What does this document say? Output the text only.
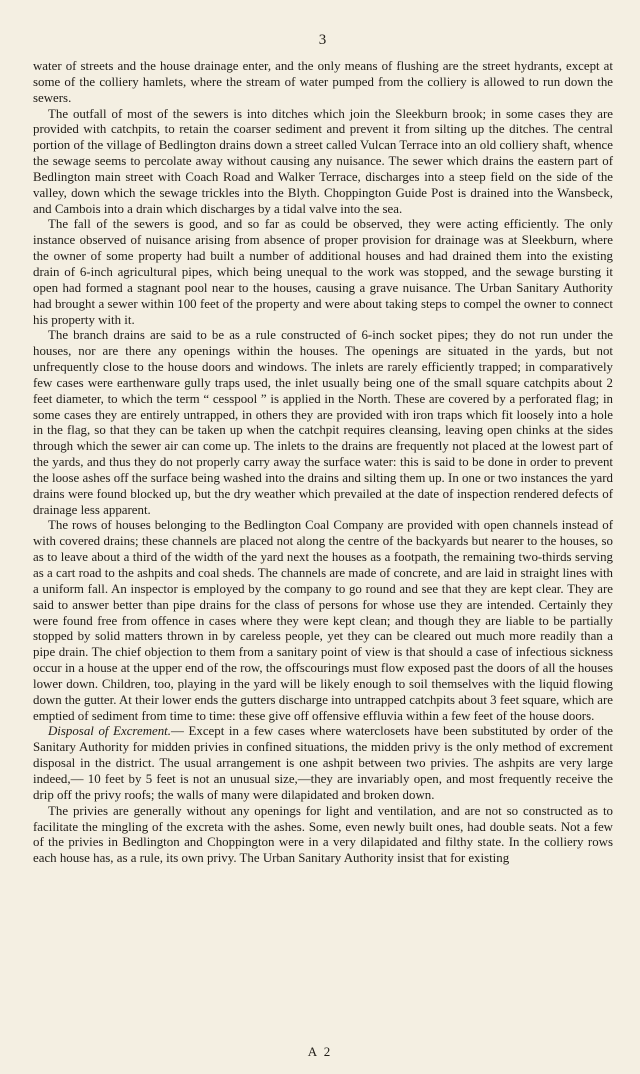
3

water of streets and the house drainage enter, and the only means of flushing are the street hydrants, except at some of the colliery hamlets, where the stream of water pumped from the colliery is allowed to run down the sewers.

The outfall of most of the sewers is into ditches which join the Sleekburn brook; in some cases they are provided with catchpits, to retain the coarser sediment and prevent it from silting up the ditches. The central portion of the village of Bedlington drains down a street called Vulcan Terrace into an old colliery shaft, whence the sewage seems to percolate away without causing any nuisance. The sewer which drains the eastern part of Bedlington main street with Coach Road and Walker Terrace, discharges into a steep field on the side of the valley, down which the sewage trickles into the Blyth. Choppington Guide Post is drained into the Wansbeck, and Cambois into a drain which discharges by a tidal valve into the sea.

The fall of the sewers is good, and so far as could be observed, they were acting efficiently. The only instance observed of nuisance arising from absence of proper provision for drainage was at Sleekburn, where the owner of some property had built a number of additional houses and had drained them into the existing drain of 6-inch agricultural pipes, which being unequal to the work was stopped, and the sewage bursting it open had formed a stagnant pool near to the houses, causing a grave nuisance. The Urban Sanitary Authority had brought a sewer within 100 feet of the property and were about taking steps to compel the owner to connect his property with it.

The branch drains are said to be as a rule constructed of 6-inch socket pipes; they do not run under the houses, nor are there any openings within the houses. The openings are situated in the yards, but not unfrequently close to the house doors and windows. The inlets are rarely efficiently trapped; in comparatively few cases were earthenware gully traps used, the inlet usually being one of the small square catchpits about 2 feet diameter, to which the term “ cesspool ” is applied in the North. These are covered by a perforated flag; in some cases they are entirely untrapped, in others they are provided with iron traps which fit loosely into a hole in the flag, so that they can be taken up when the catchpit requires cleansing, leaving open chinks at the sides through which the sewer air can come up. The inlets to the drains are frequently not placed at the lowest part of the yards, and thus they do not properly carry away the surface water: this is said to be done in order to prevent the loose ashes off the surface being washed into the drains and silting them up. In one or two instances the yard drains were found blocked up, but the dry weather which prevailed at the date of inspection rendered defects of drainage less apparent.

The rows of houses belonging to the Bedlington Coal Company are provided with open channels instead of with covered drains; these channels are placed not along the centre of the backyards but nearer to the houses, so as to leave about a third of the width of the yard next the houses as a footpath, the remaining two-thirds serving as a cart road to the ashpits and coal sheds. The channels are made of concrete, and are laid in straight lines with a uniform fall. An inspector is employed by the company to go round and see that they are kept clear. They are said to answer better than pipe drains for the class of persons for whose use they are intended. Certainly they were found free from offence in cases where they were kept clean; and though they are liable to be partially stopped by solid matters thrown in by careless people, yet they can be cleared out much more readily than a pipe drain. The chief objection to them from a sanitary point of view is that should a case of infectious sickness occur in a house at the upper end of the row, the offscourings must flow exposed past the doors of all the houses lower down. Children, too, playing in the yard will be likely enough to soil themselves with the liquid flowing down the gutter. At their lower ends the gutters discharge into untrapped catchpits about 3 feet square, which are emptied of sediment from time to time: these give off offensive effluvia within a few feet of the house doors.

Disposal of Excrement.— Except in a few cases where waterclosets have been substituted by order of the Sanitary Authority for midden privies in confined situations, the midden privy is the only method of excrement disposal in the district. The usual arrangement is one ashpit between two privies. The ashpits are very large indeed,— 10 feet by 5 feet is not an unusual size,—they are invariably open, and most frequently receive the drip off the privy roofs; the walls of many were dilapidated and broken down.

The privies are generally without any openings for light and ventilation, and are not so constructed as to facilitate the mingling of the excreta with the ashes. Some, even newly built ones, had double seats. Not a few of the privies in Bedlington and Choppington were in a very dilapidated and filthy state. In the colliery rows each house has, as a rule, its own privy. The Urban Sanitary Authority insist that for existing

A 2
